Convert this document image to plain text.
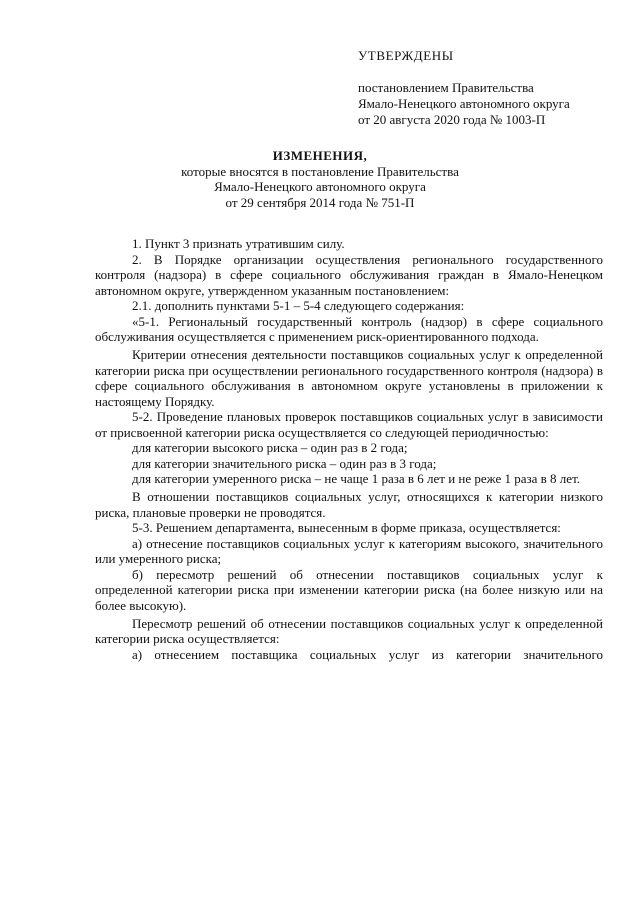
УТВЕРЖДЕНЫ
постановлением Правительства
Ямало-Ненецкого автономного округа
от 20 августа 2020 года № 1003-П
ИЗМЕНЕНИЯ,
которые вносятся в постановление Правительства
Ямало-Ненецкого автономного округа
от 29 сентября 2014 года № 751-П

1. Пункт 3 признать утратившим силу.

2. В Порядке организации осуществления регионального государственного контроля (надзора) в сфере социального обслуживания граждан в Ямало-Ненецком автономном округе, утвержденном указанным постановлением:

2.1. дополнить пунктами 5-1 – 5-4 следующего содержания:

«5-1. Региональный государственный контроль (надзор) в сфере социального обслуживания осуществляется с применением риск-ориентированного подхода.

Критерии отнесения деятельности поставщиков социальных услуг к определенной категории риска при осуществлении регионального государственного контроля (надзора) в сфере социального обслуживания в автономном округе установлены в приложении к настоящему Порядку.

5-2. Проведение плановых проверок поставщиков социальных услуг в зависимости от присвоенной категории риска осуществляется со следующей периодичностью:

для категории высокого риска – один раз в 2 года;

для категории значительного риска – один раз в 3 года;

для категории умеренного риска – не чаще 1 раза в 6 лет и не реже 1 раза в 8 лет.

В отношении поставщиков социальных услуг, относящихся к категории низкого риска, плановые проверки не проводятся.

5-3. Решением департамента, вынесенным в форме приказа, осуществляется:

а) отнесение поставщиков социальных услуг к категориям высокого, значительного или умеренного риска;

б) пересмотр решений об отнесении поставщиков социальных услуг к определенной категории риска при изменении категории риска (на более низкую или на более высокую).

Пересмотр решений об отнесении поставщиков социальных услуг к определенной категории риска осуществляется:

а) отнесением поставщика социальных услуг из категории значительного
